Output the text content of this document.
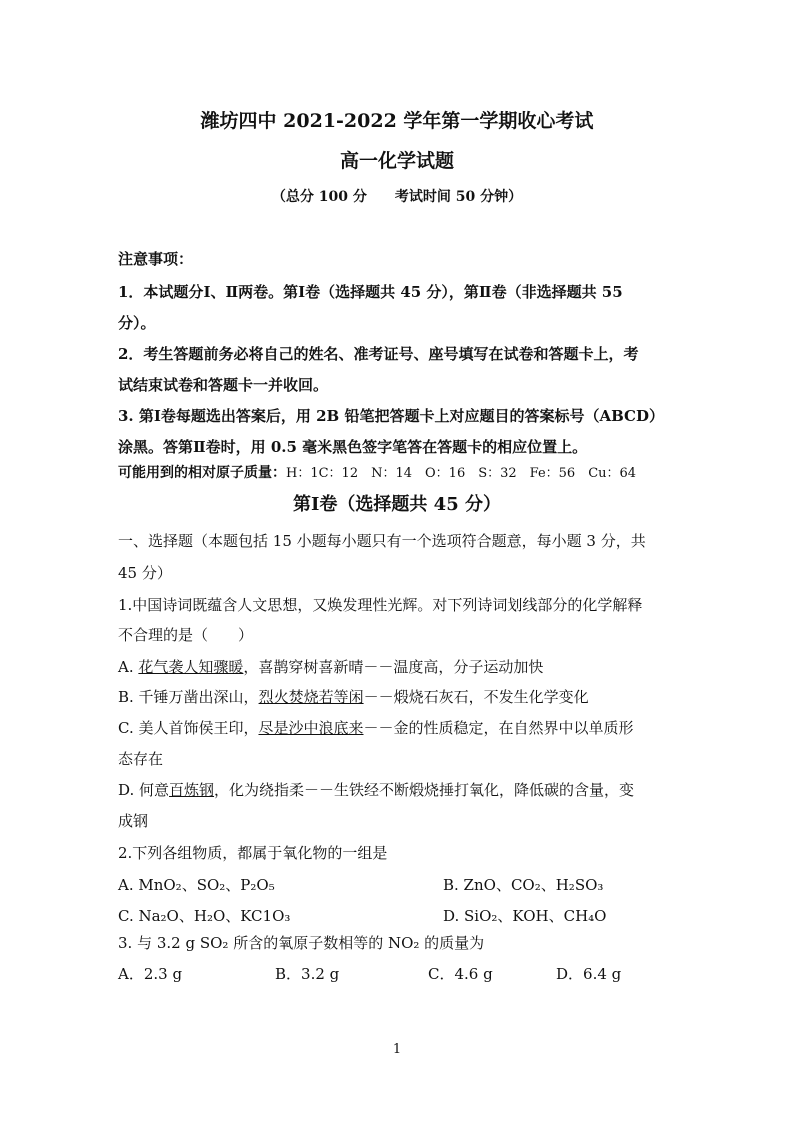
潍坊四中 2021-2022 学年第一学期收心考试
高一化学试题
（总分 100 分　　考试时间 50 分钟）
注意事项：
1．本试题分Ⅰ、Ⅱ两卷。第Ⅰ卷（选择题共 45 分），第Ⅱ卷（非选择题共 55
分）。
2．考生答题前务必将自己的姓名、准考证号、座号填写在试卷和答题卡上，考
试结束试卷和答题卡一并收回。
3. 第Ⅰ卷每题选出答案后，用 2B 铅笔把答题卡上对应题目的答案标号（ABCD）
涂黑。答第Ⅱ卷时，用 0.5 毫米黑色签字笔答在答题卡的相应位置上。
可能用到的相对原子质量：H：1C：12　N：14　O：16　S：32　Fe：56　Cu：64
第Ⅰ卷（选择题共 45 分）
一、选择题（本题包括 15 小题每小题只有一个选项符合题意，每小题 3 分，共
45 分）
1.中国诗词既蕴含人文思想，又焕发理性光辉。对下列诗词划线部分的化学解释
不合理的是（　　）
A. 花气袭人知骤暖，喜鹊穿树喜新晴－－温度高，分子运动加快
B. 千锤万凿出深山，烈火焚烧若等闲－－煅烧石灰石，不发生化学变化
C. 美人首饰侯王印，尽是沙中浪底来－－金的性质稳定，在自然界中以单质形
态存在
D. 何意百炼钢，化为绕指柔－－生铁经不断煅烧捶打氧化，降低碳的含量，变
成钢
2.下列各组物质，都属于氧化物的一组是
A. MnO₂、SO₂、P₂O₅	B. ZnO、CO₂、H₂SO₃
C. Na₂O、H₂O、KC1O₃	D. SiO₂、KOH、CH₄O
3. 与 3.2 g SO₂ 所含的氧原子数相等的 NO₂ 的质量为
A．2.3 g	B．3.2 g	C．4.6 g	D．6.4 g
1
